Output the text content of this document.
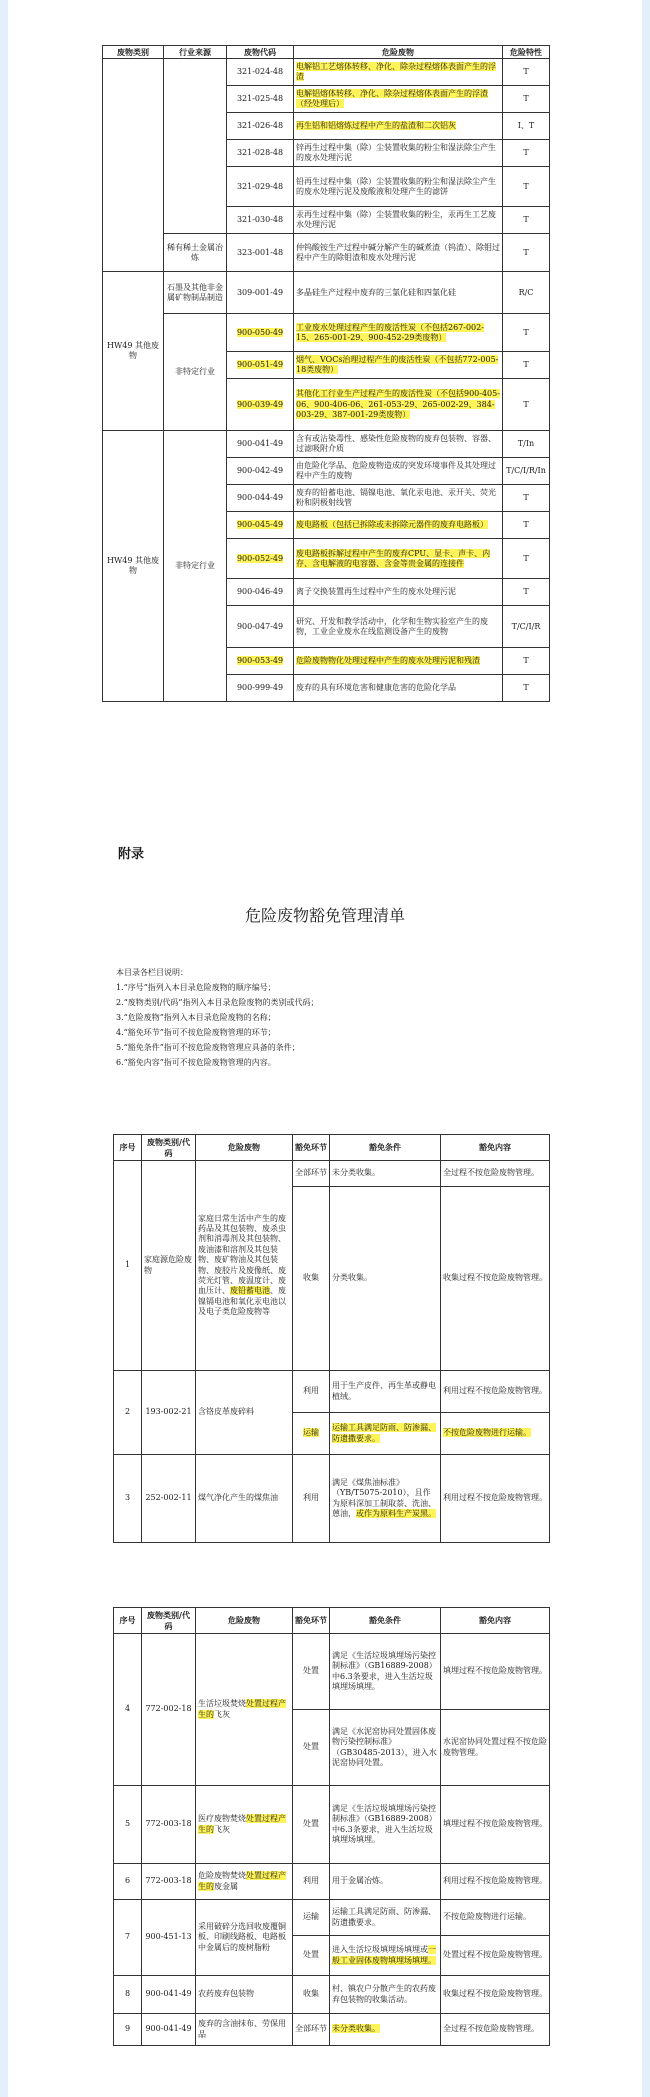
废物类别	行业来源	废物代码	危险废物	危险特性
		321-024-48	电解铝工艺熔体转移、净化、除杂过程熔体表面产生的浮渣	T
		321-025-48	电解铝熔体转移、净化、除杂过程熔体表面产生的浮渣（经处理后）	T
		321-026-48	再生铝和铝熔炼过程中产生的盐渣和二次铝灰	I、T
		321-028-48	锌再生过程中集（除）尘装置收集的粉尘和湿法除尘产生的废水处理污泥	T
		321-029-48	铅再生过程中集（除）尘装置收集的粉尘和湿法除尘产生的废水处理污泥及废酸液和处理产生的滤饼	T
		321-030-48	汞再生过程中集（除）尘装置收集的粉尘，汞再生工艺废水处理污泥	T
	稀有稀土金属冶炼	323-001-48	仲钨酸铵生产过程中碱分解产生的碱煮渣（钨渣）、除钼过程中产生的除钼渣和废水处理污泥	T
HW49 其他废物	石墨及其他非金属矿物制品制造	309-001-49	多晶硅生产过程中废弃的三氯化硅和四氯化硅	R/C
	非特定行业	900-050-49	工业废水处理过程产生的废活性炭（不包括267-002-15、265-001-29、900-452-29类废物）	T
		900-051-49	烟气、VOCs治理过程产生的废活性炭（不包括772-005-18类废物）	T
		900-039-49	其他化工行业生产过程产生的废活性炭（不包括900-405-06、900-406-06、261-053-29、265-002-29、384-003-29、387-001-29类废物）	T
HW49 其他废物	非特定行业	900-041-49	含有或沾染毒性、感染性危险废物的废弃包装物、容器、过滤吸附介质	T/In
		900-042-49	由危险化学品、危险废物造成的突发环境事件及其处理过程中产生的废物	T/C/I/R/In
		900-044-49	废弃的铅蓄电池、镉镍电池、氧化汞电池、汞开关、荧光粉和阴极射线管	T
		900-045-49	废电路板（包括已拆除或未拆除元器件的废弃电路板）	T
		900-052-49	废电路板拆解过程中产生的废弃CPU、显卡、声卡、内存、含电解液的电容器、含金等贵金属的连接件	T
		900-046-49	离子交换装置再生过程中产生的废水处理污泥	T
		900-047-49	研究、开发和教学活动中，化学和生物实验室产生的废物，工业企业废水在线监测设备产生的废物	T/C/I/R
		900-053-49	危险废物物化处理过程中产生的废水处理污泥和残渣	T
		900-999-49	废弃的具有环境危害和健康危害的危险化学品	T
附录
危险废物豁免管理清单
本目录各栏目说明：
1.“序号”指列入本目录危险废物的顺序编号；
2.“废物类别/代码”指列入本目录危险废物的类别或代码；
3.“危险废物”指列入本目录危险废物的名称；
4.“豁免环节”指可不按危险废物管理的环节；
5.“豁免条件”指可不按危险废物管理应具备的条件；
6.“豁免内容”指可不按危险废物管理的内容。
序号	废物类别/代码	危险废物	豁免环节	豁免条件	豁免内容
1	家庭源危险废物	家庭日常生活中产生的废药品及其包装物、废杀虫剂和消毒剂及其包装物、废油漆和溶剂及其包装物、废矿物油及其包装物、废胶片及废像纸、废荧光灯管、废温度计、废血压计、废铅蓄电池、废镍镉电池和氧化汞电池以及电子类危险废物等	全部环节	未分类收集。	全过程不按危险废物管理。
			收集	分类收集。	收集过程不按危险废物管理。
2	193-002-21	含铬皮革废碎料	利用	用于生产皮件、再生革或静电植绒。	利用过程不按危险废物管理。
			运输	运输工具满足防雨、防渗漏、防遗撒要求。	不按危险废物进行运输。
3	252-002-11	煤气净化产生的煤焦油	利用	满足《煤焦油标准》（YB/T5075-2010），且作为原料深加工制取萘、洗油、蒽油，或作为原料生产炭黑。	利用过程不按危险废物管理。
序号	废物类别/代码	危险废物	豁免环节	豁免条件	豁免内容
4	772-002-18	生活垃圾焚烧处置过程产生的飞灰	处置	满足《生活垃圾填埋场污染控制标准》（GB16889-2008）中6.3条要求，进入生活垃圾填埋场填埋。	填埋过程不按危险废物管理。
			处置	满足《水泥窑协同处置固体废物污染控制标准》（GB30485-2013），进入水泥窑协同处置。	水泥窑协同处置过程不按危险废物管理。
5	772-003-18	医疗废物焚烧处置过程产生的飞灰	处置	满足《生活垃圾填埋场污染控制标准》（GB16889-2008）中6.3条要求，进入生活垃圾填埋场填埋。	填埋过程不按危险废物管理。
6	772-003-18	危险废物焚烧处置过程产生的废金属	利用	用于金属冶炼。	利用过程不按危险废物管理。
7	900-451-13	采用破碎分选回收废覆铜板、印刷线路板、电路板中金属后的废树脂粉	运输	运输工具满足防雨、防渗漏、防遗撒要求。	不按危险废物进行运输。
			处置	进入生活垃圾填埋场填埋或一般工业固体废物填埋场填埋。	处置过程不按危险废物管理。
8	900-041-49	农药废弃包装物	收集	村、镇农户分散产生的农药废弃包装物的收集活动。	收集过程不按危险废物管理。
9	900-041-49	废弃的含油抹布、劳保用品	全部环节	未分类收集。	全过程不按危险废物管理。
